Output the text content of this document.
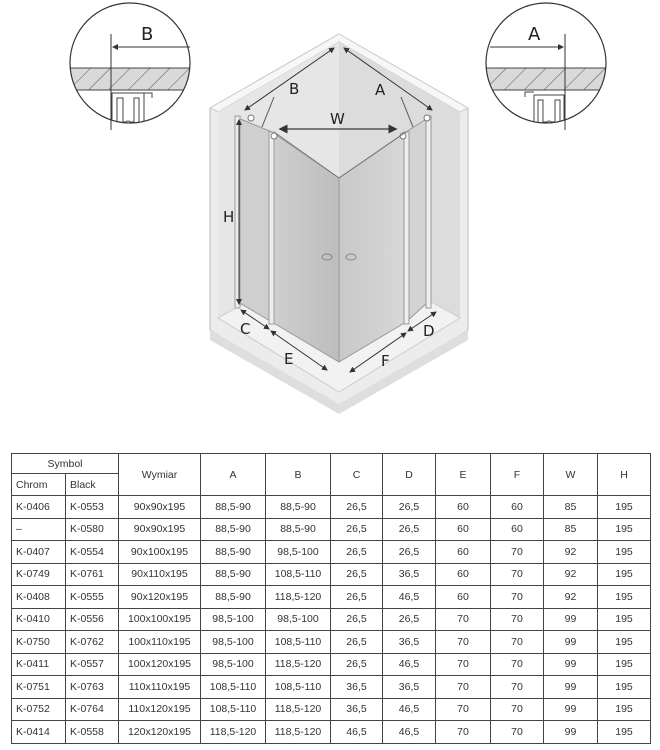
B	A
B	A
W
H
C
E	F
D
Symbol		Wymiar	A	B	C	D	E	F	W	H
Chrom	Black									
K-0406	K-0553	90x90x195	88,5-90	88,5-90	26,5	26,5	60	60	85	195
–	K-0580	90x90x195	88,5-90	88,5-90	26,5	26,5	60	60	85	195
K-0407	K-0554	90x100x195	88,5-90	98,5-100	26,5	26,5	60	70	92	195
K-0749	K-0761	90x110x195	88,5-90	108,5-110	26,5	36,5	60	70	92	195
K-0408	K-0555	90x120x195	88,5-90	118,5-120	26,5	46,5	60	70	92	195
K-0410	K-0556	100x100x195	98,5-100	98,5-100	26,5	26,5	70	70	99	195
K-0750	K-0762	100x110x195	98,5-100	108,5-110	26,5	36,5	70	70	99	195
K-0411	K-0557	100x120x195	98,5-100	118,5-120	26,5	46,5	70	70	99	195
K-0751	K-0763	110x110x195	108,5-110	108,5-110	36,5	36,5	70	70	99	195
K-0752	K-0764	110x120x195	108,5-110	118,5-120	36,5	46,5	70	70	99	195
K-0414	K-0558	120x120x195	118,5-120	118,5-120	46,5	46,5	70	70	99	195
